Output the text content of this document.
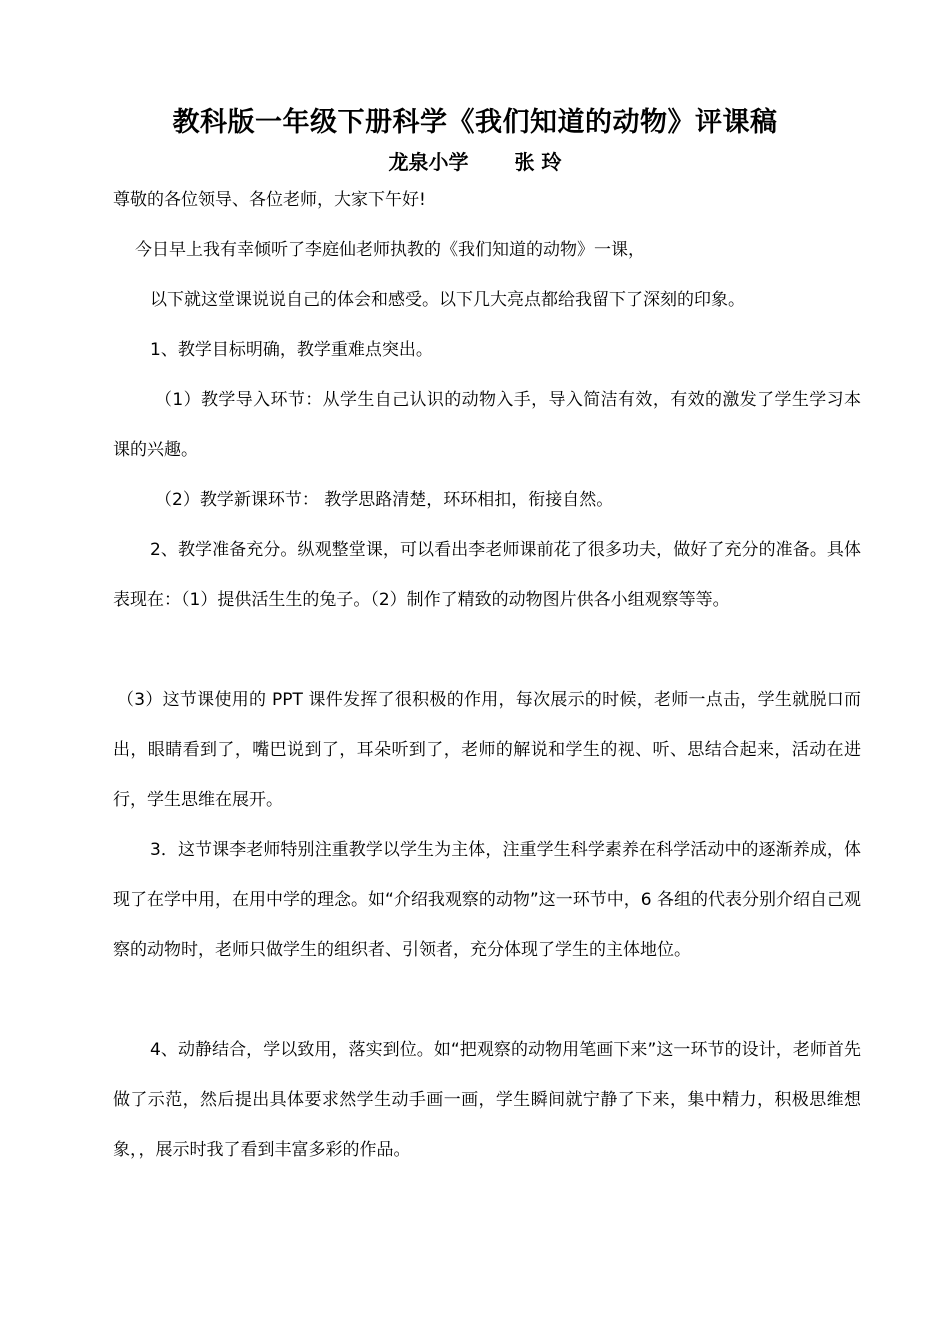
教科版一年级下册科学《我们知道的动物》评课稿
龙泉小学 张 玲
尊敬的各位领导、各位老师，大家下午好!
今日早上我有幸倾听了李庭仙老师执教的《我们知道的动物》一课，
以下就这堂课说说自己的体会和感受。以下几大亮点都给我留下了深刻的印象。
1、教学目标明确，教学重难点突出。
（1）教学导入环节：从学生自己认识的动物入手，导入简洁有效，有效的激发了学生学习本课的兴趣。
（2）教学新课环节： 教学思路清楚，环环相扣，衔接自然。
2、教学准备充分。纵观整堂课，可以看出李老师课前花了很多功夫，做好了充分的准备。具体表现在：（1）提供活生生的兔子。（2）制作了精致的动物图片供各小组观察等等。
（3）这节课使用的 PPT 课件发挥了很积极的作用，每次展示的时候，老师一点击，学生就脱口而出，眼睛看到了，嘴巴说到了，耳朵听到了，老师的解说和学生的视、听、思结合起来，活动在进行，学生思维在展开。
3．这节课李老师特别注重教学以学生为主体，注重学生科学素养在科学活动中的逐渐养成，体现了在学中用，在用中学的理念。如“介绍我观察的动物”这一环节中，6 各组的代表分别介绍自己观察的动物时，老师只做学生的组织者、引领者，充分体现了学生的主体地位。
4、动静结合，学以致用，落实到位。如“把观察的动物用笔画下来”这一环节的设计，老师首先做了示范，然后提出具体要求然学生动手画一画，学生瞬间就宁静了下来，集中精力，积极思维想象，，展示时我了看到丰富多彩的作品。
